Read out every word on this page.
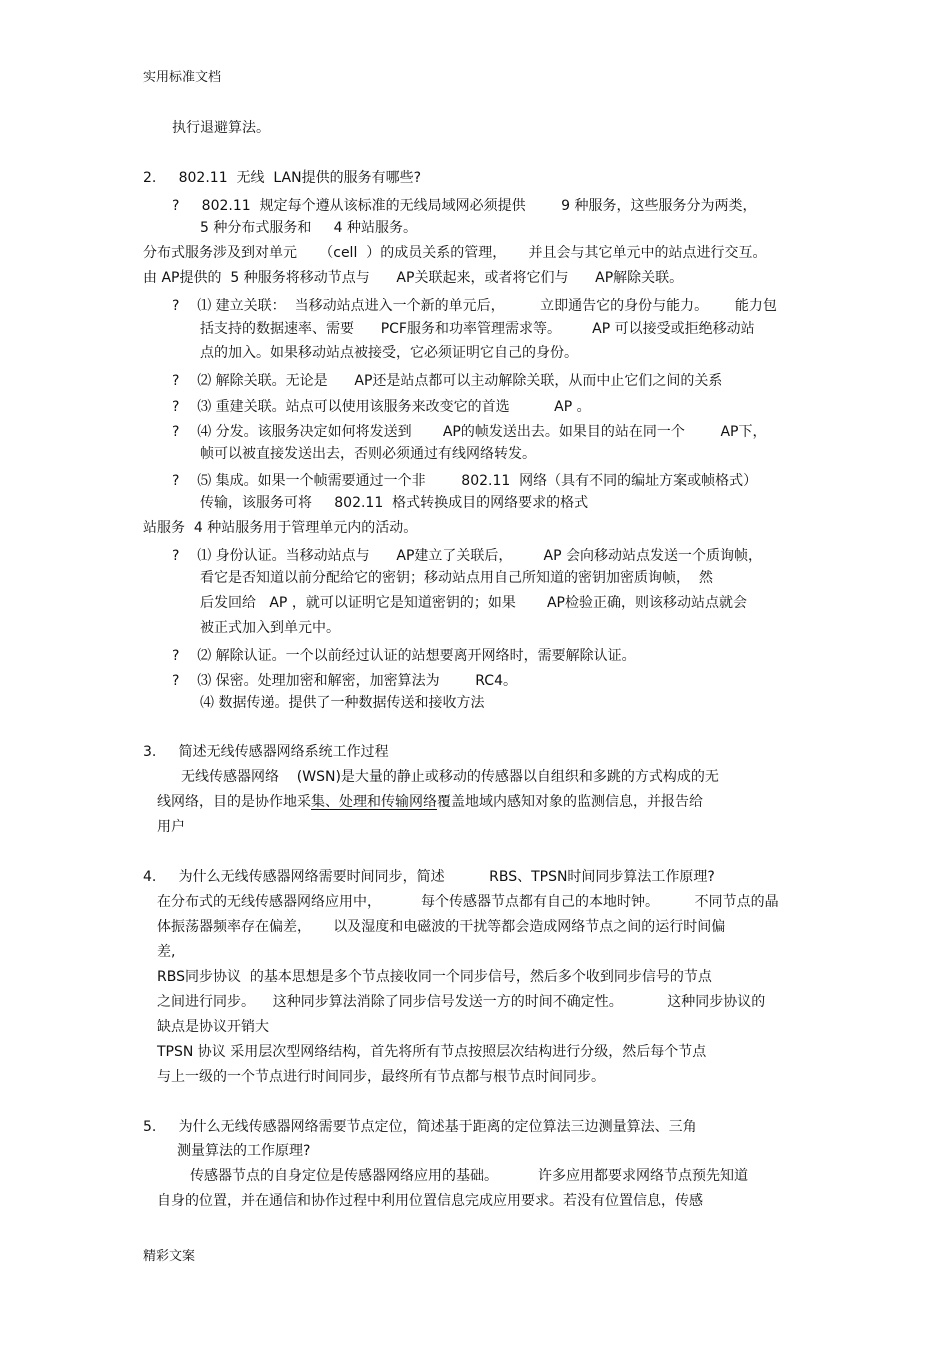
实用标准文档
执行退避算法。
2.     802.11  无线  LAN提供的服务有哪些?
?     802.11  规定每个遵从该标准的无线局域网必须提供        9 种服务，这些服务分为两类，
5 种分布式服务和     4 种站服务。
分布式服务涉及到对单元     （cell  ）的成员关系的管理，     并且会与其它单元中的站点进行交互。
由 AP提供的  5 种服务将移动节点与      AP关联起来，或者将它们与      AP解除关联。
?    ⑴ 建立关联：  当移动站点进入一个新的单元后，        立即通告它的身份与能力。      能力包
括支持的数据速率、需要      PCF服务和功率管理需求等。       AP 可以接受或拒绝移动站
点的加入。如果移动站点被接受，它必须证明它自己的身份。
?    ⑵ 解除关联。无论是      AP还是站点都可以主动解除关联，从而中止它们之间的关系
?    ⑶ 重建关联。站点可以使用该服务来改变它的首选          AP 。
?    ⑷ 分发。该服务决定如何将发送到       AP的帧发送出去。如果目的站在同一个        AP下，
帧可以被直接发送出去，否则必须通过有线网络转发。
?    ⑸ 集成。如果一个帧需要通过一个非        802.11  网络（具有不同的编址方案或帧格式）
传输，该服务可将     802.11  格式转换成目的网络要求的格式
站服务  4 种站服务用于管理单元内的活动。
?    ⑴ 身份认证。当移动站点与      AP建立了关联后，       AP 会向移动站点发送一个质询帧，
看它是否知道以前分配给它的密钥；移动站点用自己所知道的密钥加密质询帧，  然
后发回给   AP ，就可以证明它是知道密钥的；如果       AP检验正确，则该移动站点就会
被正式加入到单元中。
?    ⑵ 解除认证。一个以前经过认证的站想要离开网络时，需要解除认证。
?    ⑶ 保密。处理加密和解密，加密算法为        RC4。
⑷ 数据传递。提供了一种数据传送和接收方法
3.     简述无线传感器网络系统工作过程
无线传感器网络    (WSN)是大量的静止或移动的传感器以自组织和多跳的方式构成的无
线网络，目的是协作地采集、处理和传输网络覆盖地域内感知对象的监测信息，并报告给
用户
4.     为什么无线传感器网络需要时间同步，简述          RBS、TPSN时间同步算法工作原理?
在分布式的无线传感器网络应用中，         每个传感器节点都有自己的本地时钟。        不同节点的晶
体振荡器频率存在偏差，     以及湿度和电磁波的干扰等都会造成网络节点之间的运行时间偏
差,
RBS同步协议  的基本思想是多个节点接收同一个同步信号，然后多个收到同步信号的节点
之间进行同步。    这种同步算法消除了同步信号发送一方的时间不确定性。          这种同步协议的
缺点是协议开销大
TPSN 协议 采用层次型网络结构，首先将所有节点按照层次结构进行分级，然后每个节点
与上一级的一个节点进行时间同步，最终所有节点都与根节点时间同步。
5.     为什么无线传感器网络需要节点定位，简述基于距离的定位算法三边测量算法、三角
测量算法的工作原理?
传感器节点的自身定位是传感器网络应用的基础。         许多应用都要求网络节点预先知道
自身的位置，并在通信和协作过程中利用位置信息完成应用要求。若没有位置信息，传感
精彩文案
